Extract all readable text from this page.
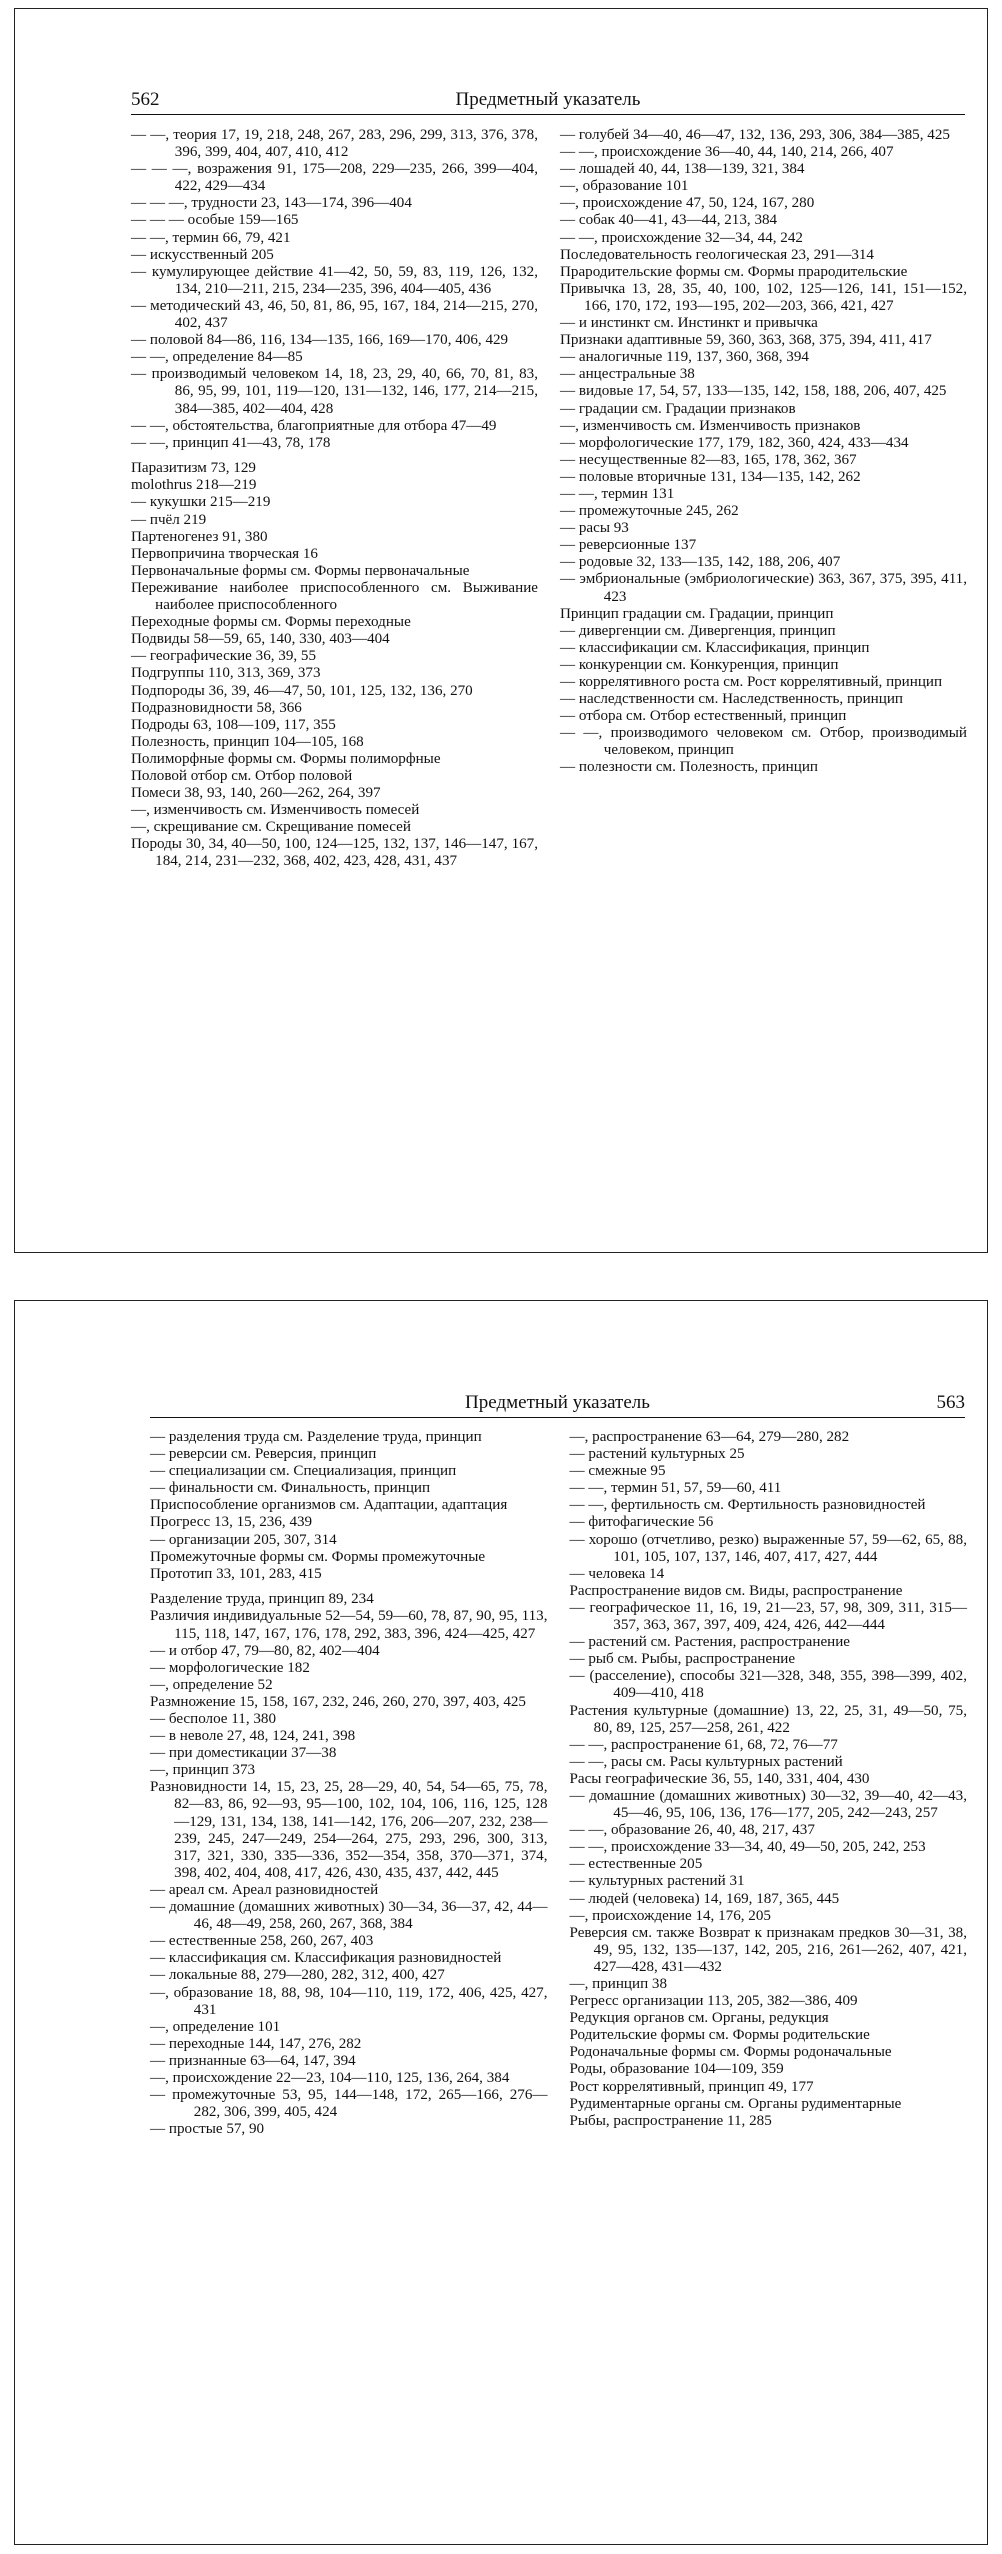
562	Предметный указатель
— —, теория 17, 19, 218, 248, 267, 283, 296, 299, 313, 376, 378, 396, 399, 404, 407, 410, 412
— — —, возражения 91, 175—208, 229—235, 266, 399—404, 422, 429—434
— — —, трудности 23, 143—174, 396—404
— — — особые 159—165
— —, термин 66, 79, 421
— искусственный 205
— кумулирующее действие 41—42, 50, 59, 83, 119, 126, 132, 134, 210—211, 215, 234—235, 396, 404—405, 436
— методический 43, 46, 50, 81, 86, 95, 167, 184, 214—215, 270, 402, 437
— половой 84—86, 116, 134—135, 166, 169—170, 406, 429
— —, определение 84—85
— производимый человеком 14, 18, 23, 29, 40, 66, 70, 81, 83, 86, 95, 99, 101, 119—120, 131—132, 146, 177, 214—215, 384—385, 402—404, 428
— —, обстоятельства, благоприятные для отбора 47—49
— —, принцип 41—43, 78, 178
Паразитизм 73, 129
molothrus 218—219
— кукушки 215—219
— пчёл 219
Партеногенез 91, 380
Первопричина творческая 16
Первоначальные формы см. Формы первоначальные
Переживание наиболее приспособленного см. Выживание наиболее приспособленного
Переходные формы см. Формы переходные
Подвиды 58—59, 65, 140, 330, 403—404
— географические 36, 39, 55
Подгруппы 110, 313, 369, 373
Подпороды 36, 39, 46—47, 50, 101, 125, 132, 136, 270
Подразновидности 58, 366
Подроды 63, 108—109, 117, 355
Полезность, принцип 104—105, 168
Полиморфные формы см. Формы полиморфные
Половой отбор см. Отбор половой
Помеси 38, 93, 140, 260—262, 264, 397
—, изменчивость см. Изменчивость помесей
—, скрещивание см. Скрещивание помесей
Породы 30, 34, 40—50, 100, 124—125, 132, 137, 146—147, 167, 184, 214, 231—232, 368, 402, 423, 428, 431, 437
— голубей 34—40, 46—47, 132, 136, 293, 306, 384—385, 425
— —, происхождение 36—40, 44, 140, 214, 266, 407
— лошадей 40, 44, 138—139, 321, 384
—, образование 101
—, происхождение 47, 50, 124, 167, 280
— собак 40—41, 43—44, 213, 384
— —, происхождение 32—34, 44, 242
Последовательность геологическая 23, 291—314
Прародительские формы см. Формы прародительские
Привычка 13, 28, 35, 40, 100, 102, 125—126, 141, 151—152, 166, 170, 172, 193—195, 202—203, 366, 421, 427
— и инстинкт см. Инстинкт и привычка
Признаки адаптивные 59, 360, 363, 368, 375, 394, 411, 417
— аналогичные 119, 137, 360, 368, 394
— анцестральные 38
— видовые 17, 54, 57, 133—135, 142, 158, 188, 206, 407, 425
— градации см. Градации признаков
—, изменчивость см. Изменчивость признаков
— морфологические 177, 179, 182, 360, 424, 433—434
— несущественные 82—83, 165, 178, 362, 367
— половые вторичные 131, 134—135, 142, 262
— —, термин 131
— промежуточные 245, 262
— расы 93
— реверсионные 137
— родовые 32, 133—135, 142, 188, 206, 407
— эмбриональные (эмбриологические) 363, 367, 375, 395, 411, 423
Принцип градации см. Градации, принцип
— дивергенции см. Дивергенция, принцип
— классификации см. Классификация, принцип
— конкуренции см. Конкуренция, принцип
— коррелятивного роста см. Рост коррелятивный, принцип
— наследственности см. Наследственность, принцип
— отбора см. Отбор естественный, принцип
— —, производимого человеком см. Отбор, производимый человеком, принцип
— полезности см. Полезность, принцип
Предметный указатель	563
— разделения труда см. Разделение труда, принцип
— реверсии см. Реверсия, принцип
— специализации см. Специализация, принцип
— финальности см. Финальность, принцип
Приспособление организмов см. Адаптации, адаптация
Прогресс 13, 15, 236, 439
— организации 205, 307, 314
Промежуточные формы см. Формы промежуточные
Прототип 33, 101, 283, 415
Разделение труда, принцип 89, 234
Различия индивидуальные 52—54, 59—60, 78, 87, 90, 95, 113, 115, 118, 147, 167, 176, 178, 292, 383, 396, 424—425, 427
— и отбор 47, 79—80, 82, 402—404
— морфологические 182
—, определение 52
Размножение 15, 158, 167, 232, 246, 260, 270, 397, 403, 425
— бесполое 11, 380
— в неволе 27, 48, 124, 241, 398
— при доместикации 37—38
—, принцип 373
Разновидности 14, 15, 23, 25, 28—29, 40, 54, 54—65, 75, 78, 82—83, 86, 92—93, 95—100, 102, 104, 106, 116, 125, 128—129, 131, 134, 138, 141—142, 176, 206—207, 232, 238—239, 245, 247—249, 254—264, 275, 293, 296, 300, 313, 317, 321, 330, 335—336, 352—354, 358, 370—371, 374, 398, 402, 404, 408, 417, 426, 430, 435, 437, 442, 445
— ареал см. Ареал разновидностей
— домашние (домашних животных) 30—34, 36—37, 42, 44—46, 48—49, 258, 260, 267, 368, 384
— естественные 258, 260, 267, 403
— классификация см. Классификация разновидностей
— локальные 88, 279—280, 282, 312, 400, 427
—, образование 18, 88, 98, 104—110, 119, 172, 406, 425, 427, 431
—, определение 101
— переходные 144, 147, 276, 282
— признанные 63—64, 147, 394
—, происхождение 22—23, 104—110, 125, 136, 264, 384
— промежуточные 53, 95, 144—148, 172, 265—166, 276—282, 306, 399, 405, 424
— простые 57, 90
—, распространение 63—64, 279—280, 282
— растений культурных 25
— смежные 95
— —, термин 51, 57, 59—60, 411
— —, фертильность см. Фертильность разновидностей
— фитофагические 56
— хорошо (отчетливо, резко) выраженные 57, 59—62, 65, 88, 101, 105, 107, 137, 146, 407, 417, 427, 444
— человека 14
Распространение видов см. Виды, распространение
— географическое 11, 16, 19, 21—23, 57, 98, 309, 311, 315—357, 363, 367, 397, 409, 424, 426, 442—444
— растений см. Растения, распространение
— рыб см. Рыбы, распространение
— (расселение), способы 321—328, 348, 355, 398—399, 402, 409—410, 418
Растения культурные (домашние) 13, 22, 25, 31, 49—50, 75, 80, 89, 125, 257—258, 261, 422
— —, распространение 61, 68, 72, 76—77
— —, расы см. Расы культурных растений
Расы географические 36, 55, 140, 331, 404, 430
— домашние (домашних животных) 30—32, 39—40, 42—43, 45—46, 95, 106, 136, 176—177, 205, 242—243, 257
— —, образование 26, 40, 48, 217, 437
— —, происхождение 33—34, 40, 49—50, 205, 242, 253
— естественные 205
— культурных растений 31
— людей (человека) 14, 169, 187, 365, 445
—, происхождение 14, 176, 205
Реверсия см. также Возврат к признакам предков 30—31, 38, 49, 95, 132, 135—137, 142, 205, 216, 261—262, 407, 421, 427—428, 431—432
—, принцип 38
Регресс организации 113, 205, 382—386, 409
Редукция органов см. Органы, редукция
Родительские формы см. Формы родительские
Родоначальные формы см. Формы родоначальные
Роды, образование 104—109, 359
Рост коррелятивный, принцип 49, 177
Рудиментарные органы см. Органы рудиментарные
Рыбы, распространение 11, 285
